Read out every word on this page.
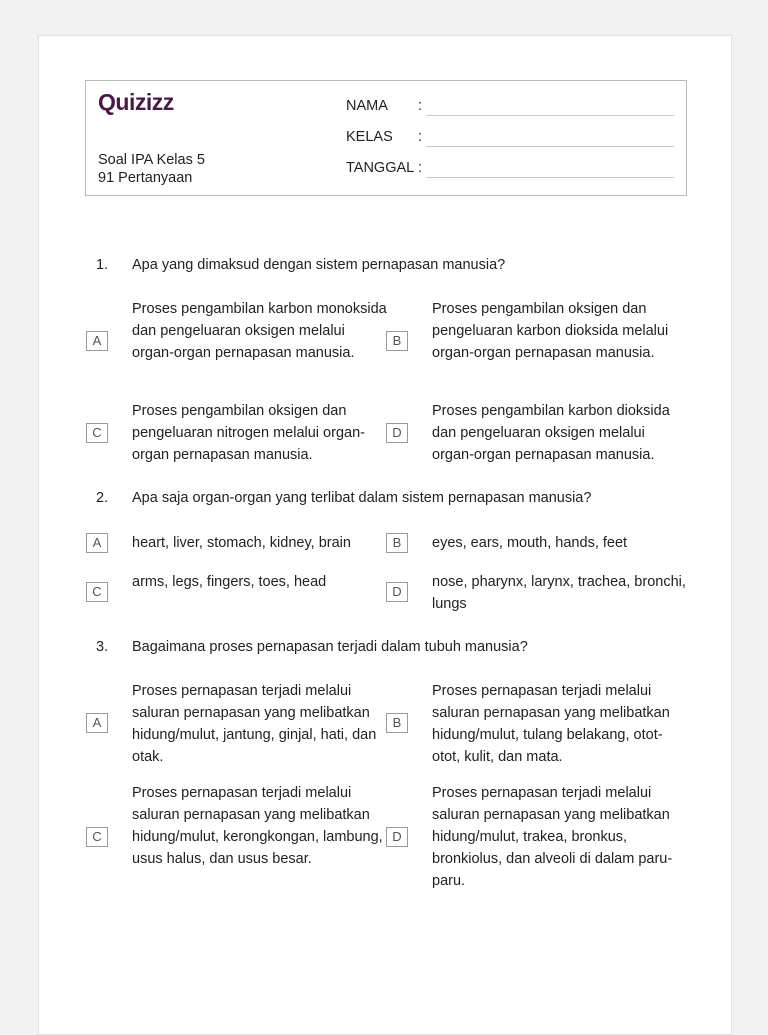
Quizizz
Soal IPA Kelas 5
91 Pertanyaan
NAMA :
KELAS :
TANGGAL :
1. Apa yang dimaksud dengan sistem pernapasan manusia?
A
Proses pengambilan karbon monoksida dan pengeluaran oksigen melalui organ-organ pernapasan manusia.
B
Proses pengambilan oksigen dan pengeluaran karbon dioksida melalui organ-organ pernapasan manusia.
C
Proses pengambilan oksigen dan pengeluaran nitrogen melalui organ-organ pernapasan manusia.
D
Proses pengambilan karbon dioksida dan pengeluaran oksigen melalui organ-organ pernapasan manusia.
2. Apa saja organ-organ yang terlibat dalam sistem pernapasan manusia?
A	heart, liver, stomach, kidney, brain	B	eyes, ears, mouth, hands, feet
C
arms, legs, fingers, toes, head
D
nose, pharynx, larynx, trachea, bronchi, lungs
3. Bagaimana proses pernapasan terjadi dalam tubuh manusia?
A
Proses pernapasan terjadi melalui saluran pernapasan yang melibatkan hidung/mulut, jantung, ginjal, hati, dan otak.
B
Proses pernapasan terjadi melalui saluran pernapasan yang melibatkan hidung/mulut, tulang belakang, otot-otot, kulit, dan mata.
C
Proses pernapasan terjadi melalui saluran pernapasan yang melibatkan hidung/mulut, kerongkongan, lambung, usus halus, dan usus besar.
D
Proses pernapasan terjadi melalui saluran pernapasan yang melibatkan hidung/mulut, trakea, bronkus, bronkiolus, dan alveoli di dalam paru-paru.
